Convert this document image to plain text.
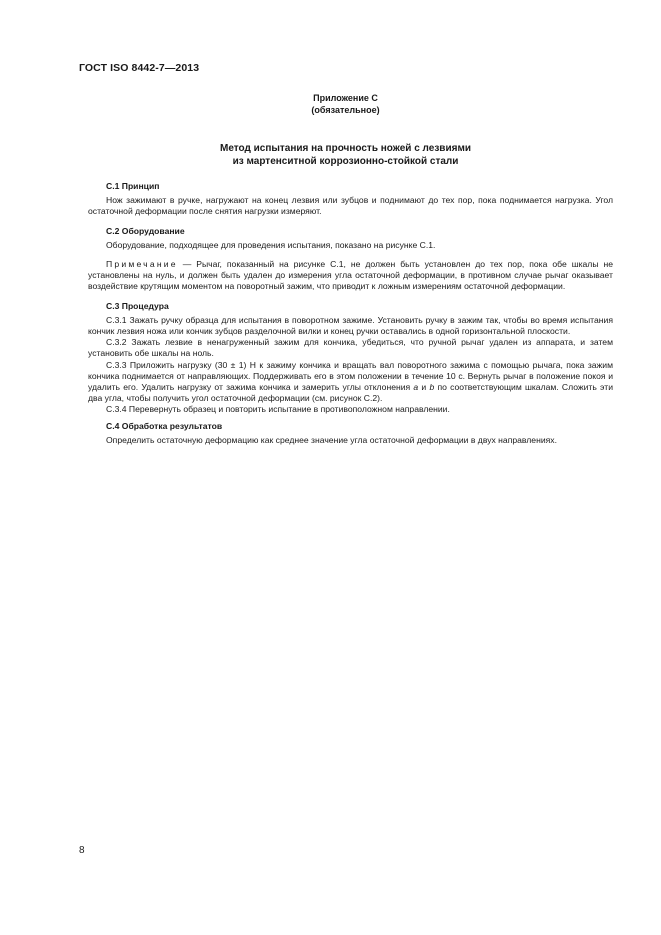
ГОСТ ISO 8442-7—2013
Приложение С
(обязательное)
Метод испытания на прочность ножей с лезвиями
из мартенситной коррозионно-стойкой стали
С.1 Принцип

Нож зажимают в ручке, нагружают на конец лезвия или зубцов и поднимают до тех пор, пока поднимается нагрузка. Угол остаточной деформации после снятия нагрузки измеряют.

С.2 Оборудование

Оборудование, подходящее для проведения испытания, показано на рисунке С.1.

Примечание — Рычаг, показанный на рисунке С.1, не должен быть установлен до тех пор, пока обе шкалы не установлены на нуль, и должен быть удален до измерения угла остаточной деформации, в противном случае рычаг оказывает воздействие крутящим моментом на поворотный зажим, что приводит к ложным измерениям остаточной деформации.

С.3 Процедура

С.3.1 Зажать ручку образца для испытания в поворотном зажиме. Установить ручку в зажим так, чтобы во время испытания кончик лезвия ножа или кончик зубцов разделочной вилки и конец ручки оставались в одной горизонтальной плоскости.

С.3.2 Зажать лезвие в ненагруженный зажим для кончика, убедиться, что ручной рычаг удален из аппарата, и затем установить обе шкалы на ноль.

С.3.3 Приложить нагрузку (30 ± 1) Н к зажиму кончика и вращать вал поворотного зажима с помощью рычага, пока зажим кончика поднимается от направляющих. Поддерживать его в этом положении в течение 10 с. Вернуть рычаг в положение покоя и удалить его. Удалить нагрузку от зажима кончика и замерить углы отклонения a и b по соответствующим шкалам. Сложить эти два угла, чтобы получить угол остаточной деформации (см. рисунок С.2).

С.3.4 Перевернуть образец и повторить испытание в противоположном направлении.

С.4 Обработка результатов

Определить остаточную деформацию как среднее значение угла остаточной деформации в двух направлениях.

8
